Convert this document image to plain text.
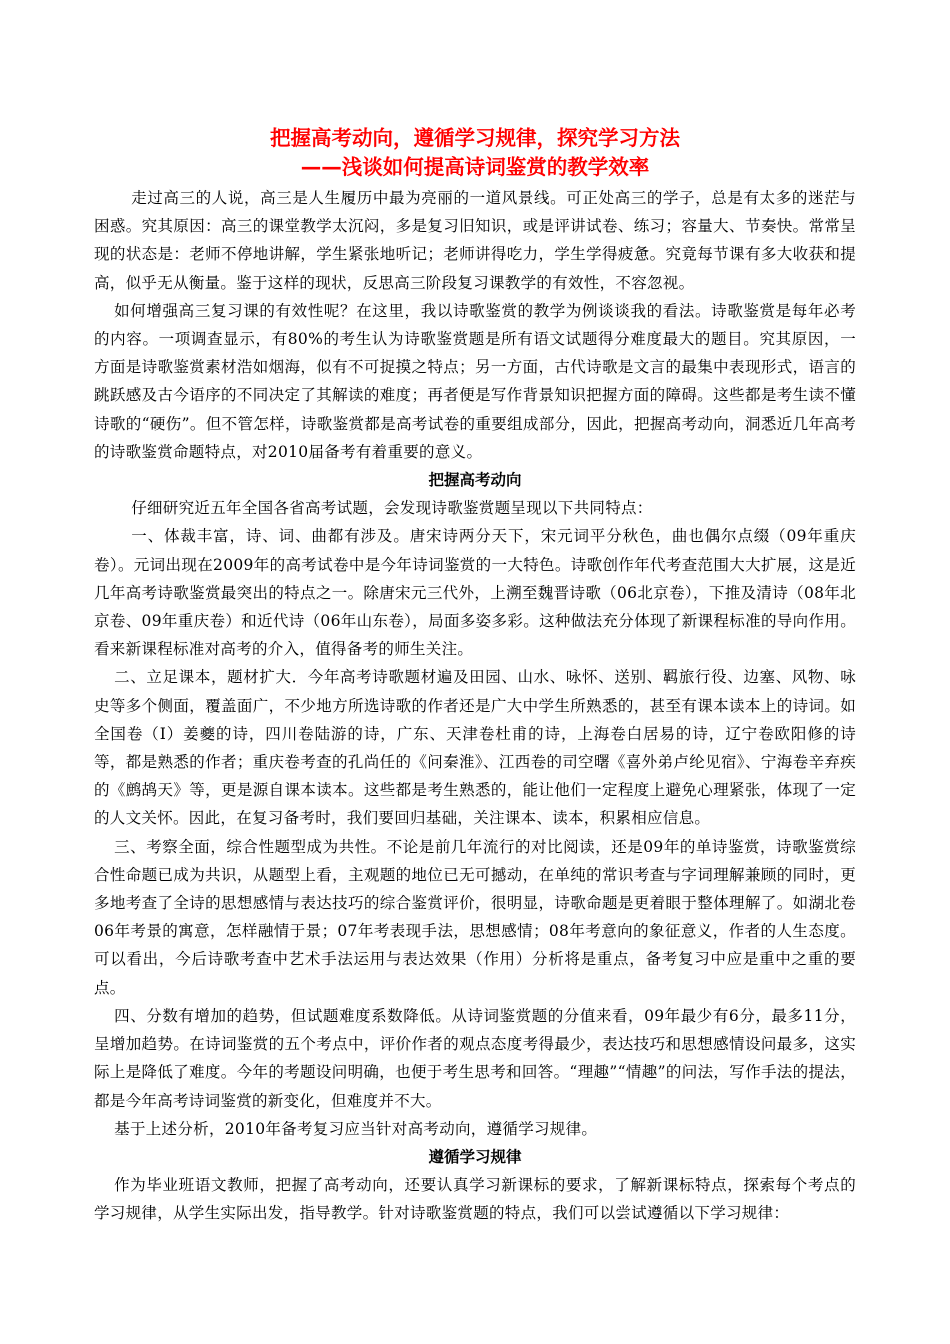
把握高考动向，遵循学习规律，探究学习方法
——浅谈如何提高诗词鉴赏的教学效率

走过高三的人说，高三是人生履历中最为亮丽的一道风景线。可正处高三的学子，总是有太多的迷茫与困惑。究其原因：高三的课堂教学太沉闷，多是复习旧知识，或是评讲试卷、练习；容量大、节奏快。常常呈现的状态是：老师不停地讲解，学生紧张地听记；老师讲得吃力，学生学得疲惫。究竟每节课有多大收获和提高，似乎无从衡量。鉴于这样的现状，反思高三阶段复习课教学的有效性，不容忽视。

如何增强高三复习课的有效性呢？在这里，我以诗歌鉴赏的教学为例谈谈我的看法。诗歌鉴赏是每年必考的内容。一项调查显示，有80%的考生认为诗歌鉴赏题是所有语文试题得分难度最大的题目。究其原因，一方面是诗歌鉴赏素材浩如烟海，似有不可捉摸之特点；另一方面，古代诗歌是文言的最集中表现形式，语言的跳跃感及古今语序的不同决定了其解读的难度；再者便是写作背景知识把握方面的障碍。这些都是考生读不懂诗歌的“硬伤”。但不管怎样，诗歌鉴赏都是高考试卷的重要组成部分，因此，把握高考动向，洞悉近几年高考的诗歌鉴赏命题特点，对2010届备考有着重要的意义。

把握高考动向

仔细研究近五年全国各省高考试题，会发现诗歌鉴赏题呈现以下共同特点：

一、体裁丰富，诗、词、曲都有涉及。唐宋诗两分天下，宋元词平分秋色，曲也偶尔点缀（09年重庆卷）。元词出现在2009年的高考试卷中是今年诗词鉴赏的一大特色。诗歌创作年代考查范围大大扩展，这是近几年高考诗歌鉴赏最突出的特点之一。除唐宋元三代外，上溯至魏晋诗歌（06北京卷），下推及清诗（08年北京卷、09年重庆卷）和近代诗（06年山东卷），局面多姿多彩。这种做法充分体现了新课程标准的导向作用。看来新课程标准对高考的介入，值得备考的师生关注。

二、立足课本，题材扩大．今年高考诗歌题材遍及田园、山水、咏怀、送别、羁旅行役、边塞、风物、咏史等多个侧面，覆盖面广，不少地方所选诗歌的作者还是广大中学生所熟悉的，甚至有课本读本上的诗词。如全国卷（Ⅰ）姜夔的诗，四川卷陆游的诗，广东、天津卷杜甫的诗，上海卷白居易的诗，辽宁卷欧阳修的诗等，都是熟悉的作者；重庆卷考查的孔尚任的《问秦淮》、江西卷的司空曙《喜外弟卢纶见宿》、宁海卷辛弃疾的《鹧鸪天》等，更是源自课本读本。这些都是考生熟悉的，能让他们一定程度上避免心理紧张，体现了一定的人文关怀。因此，在复习备考时，我们要回归基础，关注课本、读本，积累相应信息。

三、考察全面，综合性题型成为共性。不论是前几年流行的对比阅读，还是09年的单诗鉴赏，诗歌鉴赏综合性命题已成为共识，从题型上看，主观题的地位已无可撼动，在单纯的常识考查与字词理解兼顾的同时，更多地考查了全诗的思想感情与表达技巧的综合鉴赏评价，很明显，诗歌命题是更着眼于整体理解了。如湖北卷06年考景的寓意，怎样融情于景；07年考表现手法，思想感情；08年考意向的象征意义，作者的人生态度。可以看出，今后诗歌考查中艺术手法运用与表达效果（作用）分析将是重点，备考复习中应是重中之重的要点。

四、分数有增加的趋势，但试题难度系数降低。从诗词鉴赏题的分值来看，09年最少有6分，最多11分，呈增加趋势。在诗词鉴赏的五个考点中，评价作者的观点态度考得最少，表达技巧和思想感情设问最多，这实际上是降低了难度。今年的考题设问明确，也便于考生思考和回答。“理趣”“情趣”的问法，写作手法的提法，都是今年高考诗词鉴赏的新变化，但难度并不大。

基于上述分析，2010年备考复习应当针对高考动向，遵循学习规律。

遵循学习规律

作为毕业班语文教师，把握了高考动向，还要认真学习新课标的要求，了解新课标特点，探索每个考点的学习规律，从学生实际出发，指导教学。针对诗歌鉴赏题的特点，我们可以尝试遵循以下学习规律：
